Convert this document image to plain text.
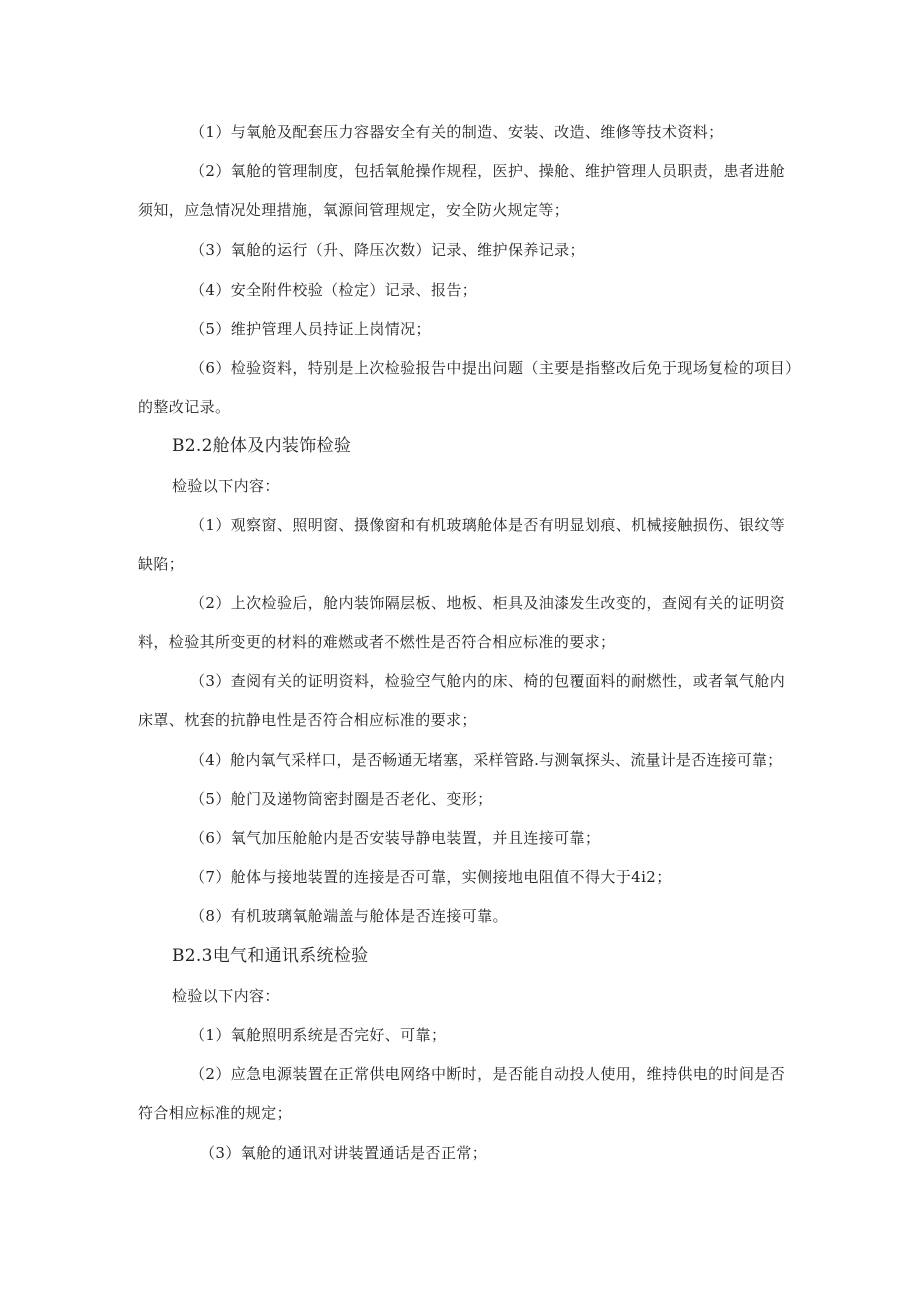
（1）与氧舱及配套压力容器安全有关的制造、安装、改造、维修等技术资料；
（2）氧舱的管理制度，包括氧舱操作规程，医护、操舱、维护管理人员职责，患者进舱
须知，应急情况处理措施，氧源间管理规定，安全防火规定等；
（3）氧舱的运行（升、降压次数）记录、维护保养记录；
（4）安全附件校验（检定）记录、报告；
（5）维护管理人员持证上岗情况；
（6）检验资料，特别是上次检验报告中提出问题（主要是指整改后免于现场复检的项目）
的整改记录。
B2.2舱体及内装饰检验
检验以下内容：
（1）观察窗、照明窗、摄像窗和有机玻璃舱体是否有明显划痕、机械接触损伤、银纹等
缺陷；
（2）上次检验后，舱内装饰隔层板、地板、柜具及油漆发生改变的，查阅有关的证明资
料，检验其所变更的材料的难燃或者不燃性是否符合相应标准的要求；
（3）查阅有关的证明资料，检验空气舱内的床、椅的包覆面料的耐燃性，或者氧气舱内
床罩、枕套的抗静电性是否符合相应标准的要求；
（4）舱内氧气采样口，是否畅通无堵塞，采样管路.与测氧探头、流量计是否连接可靠；
（5）舱门及递物筒密封圈是否老化、变形；
（6）氧气加压舱舱内是否安装导静电装置，并且连接可靠；
（7）舱体与接地装置的连接是否可靠，实侧接地电阻值不得大于4i2；
（8）有机玻璃氧舱端盖与舱体是否连接可靠。
B2.3电气和通讯系统检验
检验以下内容：
（1）氧舱照明系统是否完好、可靠；
（2）应急电源装置在正常供电网络中断时，是否能自动投人使用，维持供电的时间是否
符合相应标准的规定；
（3）氧舱的通讯对讲装置通话是否正常；
